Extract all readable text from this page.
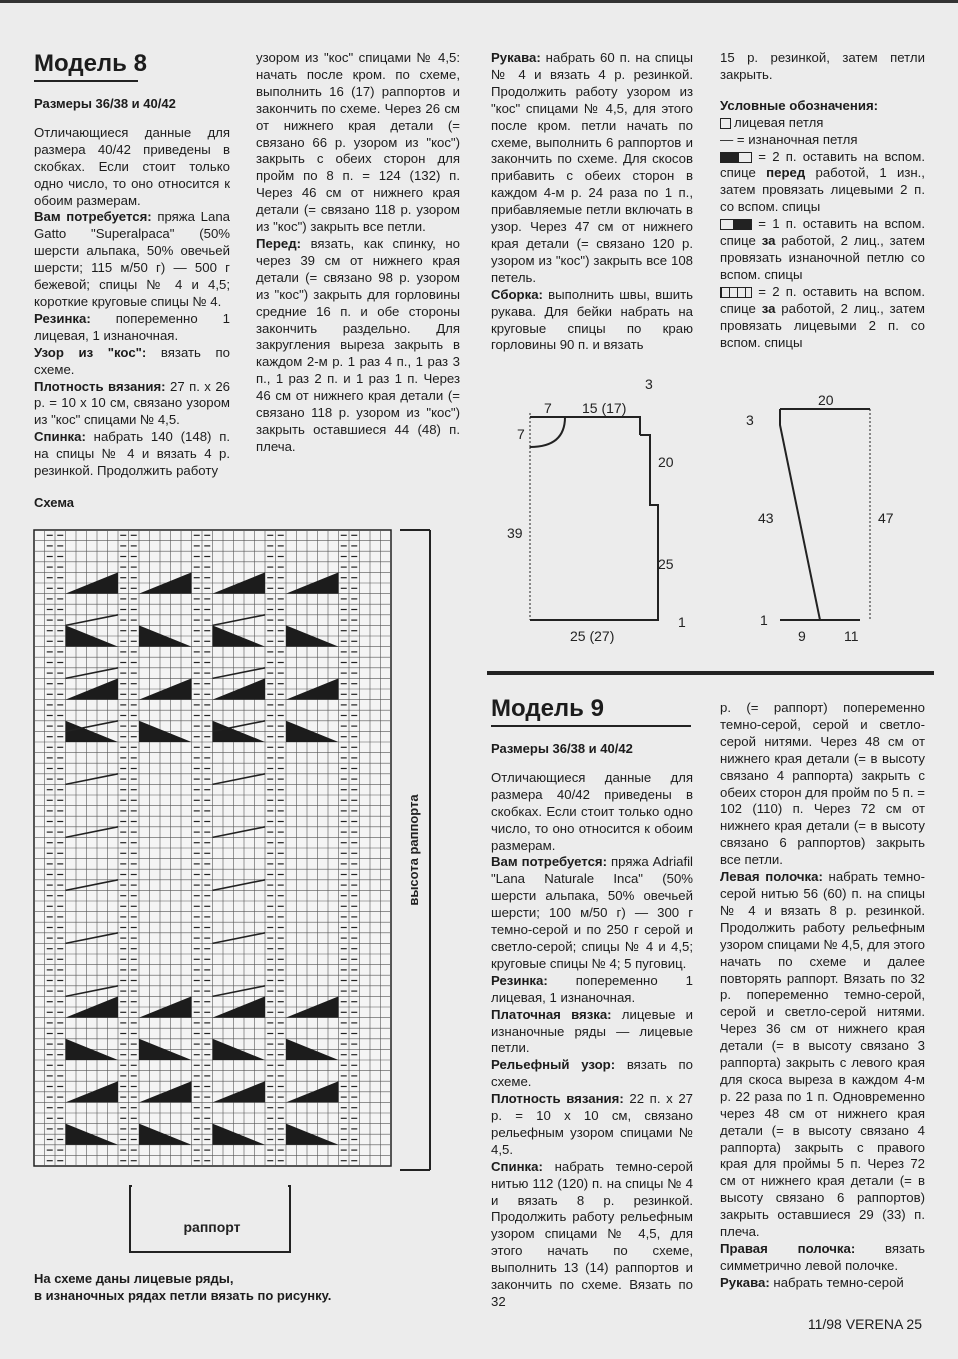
Модель 8
Размеры 36/38 и 40/42

Отличающиеся данные для размера 40/42 приведены в скобках. Если стоит только одно число, то оно относится к обоим размерам.

Вам потребуется: пряжа Lana Gatto "Superalpaca" (50% шерсти альпака, 50% овечьей шерсти; 115 м/50 г) — 500 г бежевой; спицы № 4 и 4,5; короткие круговые спицы № 4.

Резинка: попеременно 1 лицевая, 1 изнаночная.

Узор из "кос": вязать по схеме.

Плотность вязания: 27 п. х 26 р. = 10 х 10 см, связано узором из "кос" спицами № 4,5.

Спинка: набрать 140 (148) п. на спицы № 4 и вязать 4 р. резинкой. Продолжить работу

узором из "кос" спицами № 4,5: начать после кром. по схеме, выполнить 16 (17) раппортов и закончить по схеме. Через 26 см от нижнего края детали (= связано 66 р. узором из "кос") закрыть с обеих сторон для пройм по 8 п. = 124 (132) п. Через 46 см от нижнего края детали (= связано 118 р. узором из "кос") закрыть все петли.

Перед: вязать, как спинку, но через 39 см от нижнего края детали (= связано 98 р. узором из "кос") закрыть для горловины средние 16 п. и обе стороны закончить раздельно. Для закругления выреза закрыть в каждом 2-м р. 1 раз 4 п., 1 раз 3 п., 1 раз 2 п. и 1 раз 1 п. Через 46 см от нижнего края детали (= связано 118 р. узором из "кос") закрыть оставшиеся 44 (48) п. плеча.

Рукава: набрать 60 п. на спицы № 4 и вязать 4 р. резинкой. Продолжить работу узором из "кос" спицами № 4,5, для этого после кром. петли начать по схеме, выполнить 6 раппортов и закончить по схеме. Для скосов прибавить с обеих сторон в каждом 4-м р. 24 раза по 1 п., прибавляемые петли включать в узор. Через 47 см от нижнего края детали (= связано 120 р. узором из "кос") закрыть все 108 петель.

Сборка: выполнить швы, вшить рукава. Для бейки набрать на круговые спицы по краю горловины 90 п. и вязать

15 р. резинкой, затем петли закрыть.

Условные обозначения:

лицевая петля

— = изнаночная петля

= 2 п. оставить на вспом. спице перед работой, 1 изн., затем провязать лицевыми 2 п. со вспом. спицы

= 1 п. оставить на вспом. спице за работой, 2 лиц., затем провязать изнаночной петлю со вспом. спицы

= 2 п. оставить на вспом. спице за работой, 2 лиц., затем провязать лицевыми 2 п. со вспом. спицы

Схема
раппорт
высота раппорта
На схеме даны лицевые ряды,
в изнаночных рядах петли вязать по рисунку.
3
7 15 (17)
7
20
39
25
25 (27)
1
20
3
43	47
1
9	11
Модель 9
Размеры 36/38 и 40/42

Отличающиеся данные для размера 40/42 приведены в скобках. Если стоит только одно число, то оно относится к обоим размерам.

Вам потребуется: пряжа Adriafil "Lana Naturale Inca" (50% шерсти альпака, 50% овечьей шерсти; 100 м/50 г) — 300 г темно-серой и по 250 г серой и светло-серой; спицы № 4 и 4,5; круговые спицы № 4; 5 пуговиц.

Резинка: попеременно 1 лицевая, 1 изнаночная.

Платочная вязка: лицевые и изнаночные ряды — лицевые петли.

Рельефный узор: вязать по схеме.

Плотность вязания: 22 п. х 27 р. = 10 х 10 см, связано рельефным узором спицами № 4,5.

Спинка: набрать темно-серой нитью 112 (120) п. на спицы № 4 и вязать 8 р. резинкой. Продолжить работу рельефным узором спицами № 4,5, для этого начать по схеме, выполнить 13 (14) раппортов и закончить по схеме. Вязать по 32

р. (= раппорт) попеременно темно-серой, серой и светло-серой нитями. Через 48 см от нижнего края детали (= в высоту связано 4 раппорта) закрыть с обеих сторон для пройм по 5 п. = 102 (110) п. Через 72 см от нижнего края детали (= в высоту связано 6 раппортов) закрыть все петли.

Левая полочка: набрать темно-серой нитью 56 (60) п. на спицы № 4 и вязать 8 р. резинкой. Продолжить работу рельефным узором спицами № 4,5, для этого начать по схеме и далее повторять раппорт. Вязать по 32 р. попеременно темно-серой, серой и светло-серой нитями. Через 36 см от нижнего края детали (= в высоту связано 3 раппорта) закрыть с левого края для скоса выреза в каждом 4-м р. 22 раза по 1 п. Одновременно через 48 см от нижнего края детали (= в высоту связано 4 раппорта) закрыть с правого края для проймы 5 п. Через 72 см от нижнего края детали (= в высоту связано 6 раппортов) закрыть оставшиеся 29 (33) п. плеча.

Правая полочка: вязать симметрично левой полочке.

Рукава: набрать темно-серой

11/98 VERENA 25
